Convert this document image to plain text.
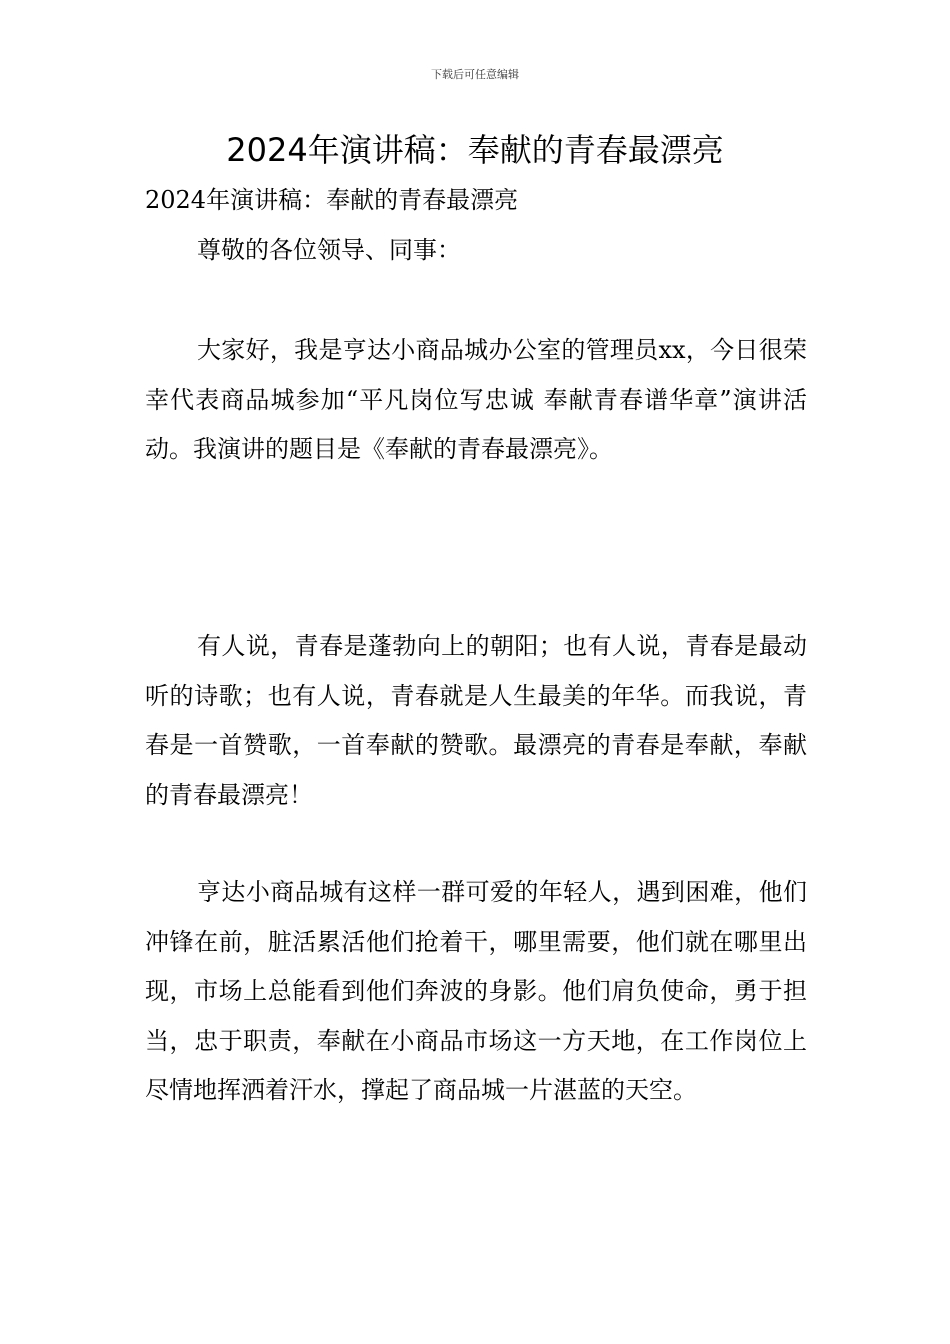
下载后可任意编辑
2024年演讲稿：奉献的青春最漂亮
2024年演讲稿：奉献的青春最漂亮
尊敬的各位领导、同事：

大家好，我是亨达小商品城办公室的管理员xx，今日很荣幸代表商品城参加“平凡岗位写忠诚 奉献青春谱华章”演讲活动。我演讲的题目是《奉献的青春最漂亮》。

有人说，青春是蓬勃向上的朝阳；也有人说，青春是最动听的诗歌；也有人说，青春就是人生最美的年华。而我说，青春是一首赞歌，一首奉献的赞歌。最漂亮的青春是奉献，奉献的青春最漂亮！

亨达小商品城有这样一群可爱的年轻人，遇到困难，他们冲锋在前，脏活累活他们抢着干，哪里需要，他们就在哪里出现，市场上总能看到他们奔波的身影。他们肩负使命，勇于担当，忠于职责，奉献在小商品市场这一方天地，在工作岗位上尽情地挥洒着汗水，撑起了商品城一片湛蓝的天空。
